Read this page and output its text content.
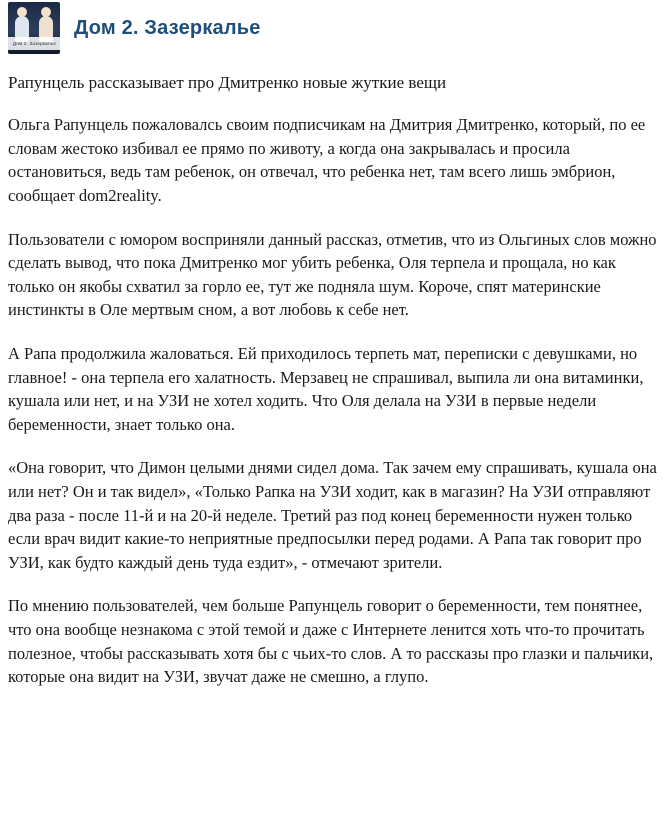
Дом 2. Зазеркалье
Дом 2. Зазеркалье
Рапунцель рассказывает про Дмитренко новые жуткие вещи

Ольга Рапунцель пожаловалсь своим подписчикам на Дмитрия Дмитренко, который, по ее словам жестоко избивал ее прямо по животу, а когда она закрывалась и просила остановиться, ведь там ребенок, он отвечал, что ребенка нет, там всего лишь эмбрион, сообщает dom2reality.

Пользователи с юмором восприняли данный рассказ, отметив, что из Ольгиных слов можно сделать вывод, что пока Дмитренко мог убить ребенка, Оля терпела и прощала, но как только он якобы схватил за горло ее, тут же подняла шум. Короче, спят материнские инстинкты в Оле мертвым сном, а вот любовь к себе нет.

А Рапа продолжила жаловаться. Ей приходилось терпеть мат, переписки с девушками, но главное! - она терпела его халатность. Мерзавец не спрашивал, выпила ли она витаминки, кушала или нет, и на УЗИ не хотел ходить. Что Оля делала на УЗИ в первые недели беременности, знает только она.

«Она говорит, что Димон целыми днями сидел дома. Так зачем ему спрашивать, кушала она или нет? Он и так видел», «Только Рапка на УЗИ ходит, как в магазин? На УЗИ отправляют два раза - после 11-й и на 20-й неделе. Третий раз под конец беременности нужен только если врач видит какие-то неприятные предпосылки перед родами. А Рапа так говорит про УЗИ, как будто каждый день туда ездит», - отмечают зрители.

По мнению пользователей, чем больше Рапунцель говорит о беременности, тем понятнее, что она вообще незнакома с этой темой и даже с Интернете ленится хоть что-то прочитать полезное, чтобы рассказывать хотя бы с чьих-то слов. А то рассказы про глазки и пальчики, которые она видит на УЗИ, звучат даже не смешно, а глупо.
